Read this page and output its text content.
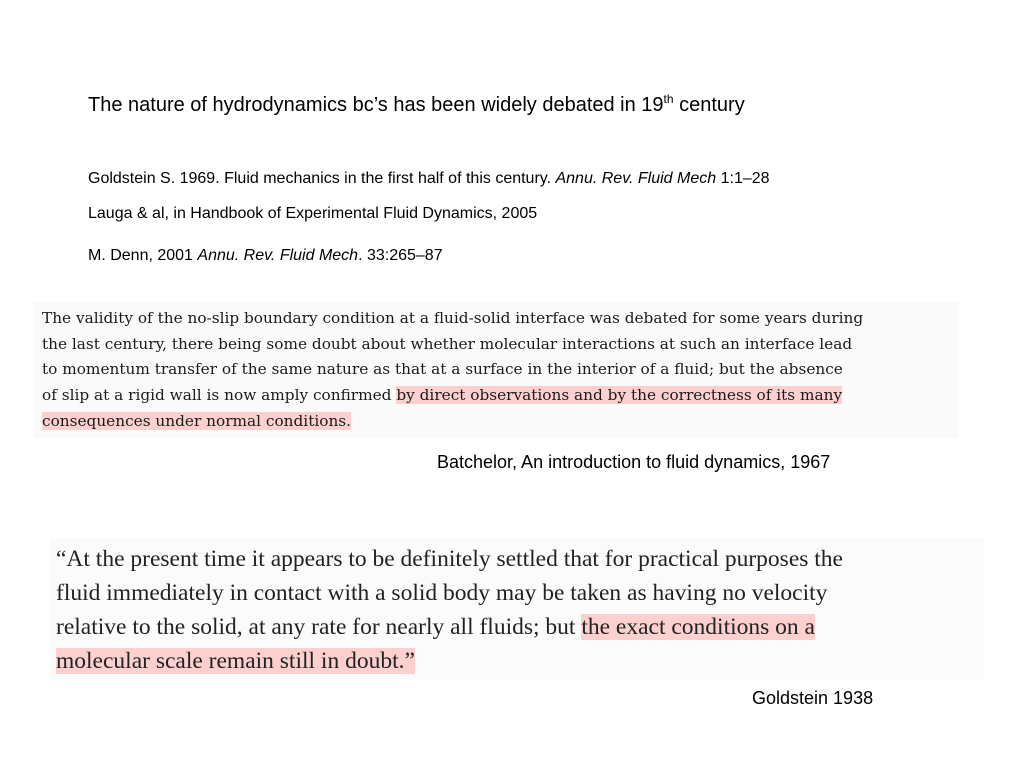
The nature of hydrodynamics bc’s has been widely debated in 19th century
Goldstein S. 1969. Fluid mechanics in the first half of this century. Annu. Rev. Fluid Mech 1:1–28
Lauga & al, in Handbook of Experimental Fluid Dynamics, 2005
M. Denn, 2001 Annu. Rev. Fluid Mech. 33:265–87
The validity of the no-slip boundary condition at a fluid-solid interface was debated for some years during
the last century, there being some doubt about whether molecular interactions at such an interface lead
to momentum transfer of the same nature as that at a surface in the interior of a fluid; but the absence
of slip at a rigid wall is now amply confirmed by direct observations and by the correctness of its many
consequences under normal conditions.
Batchelor, An introduction to fluid dynamics, 1967
“At the present time it appears to be definitely settled that for practical purposes the
fluid immediately in contact with a solid body may be taken as having no velocity
relative to the solid, at any rate for nearly all fluids; but the exact conditions on a
molecular scale remain still in doubt.”
Goldstein 1938
